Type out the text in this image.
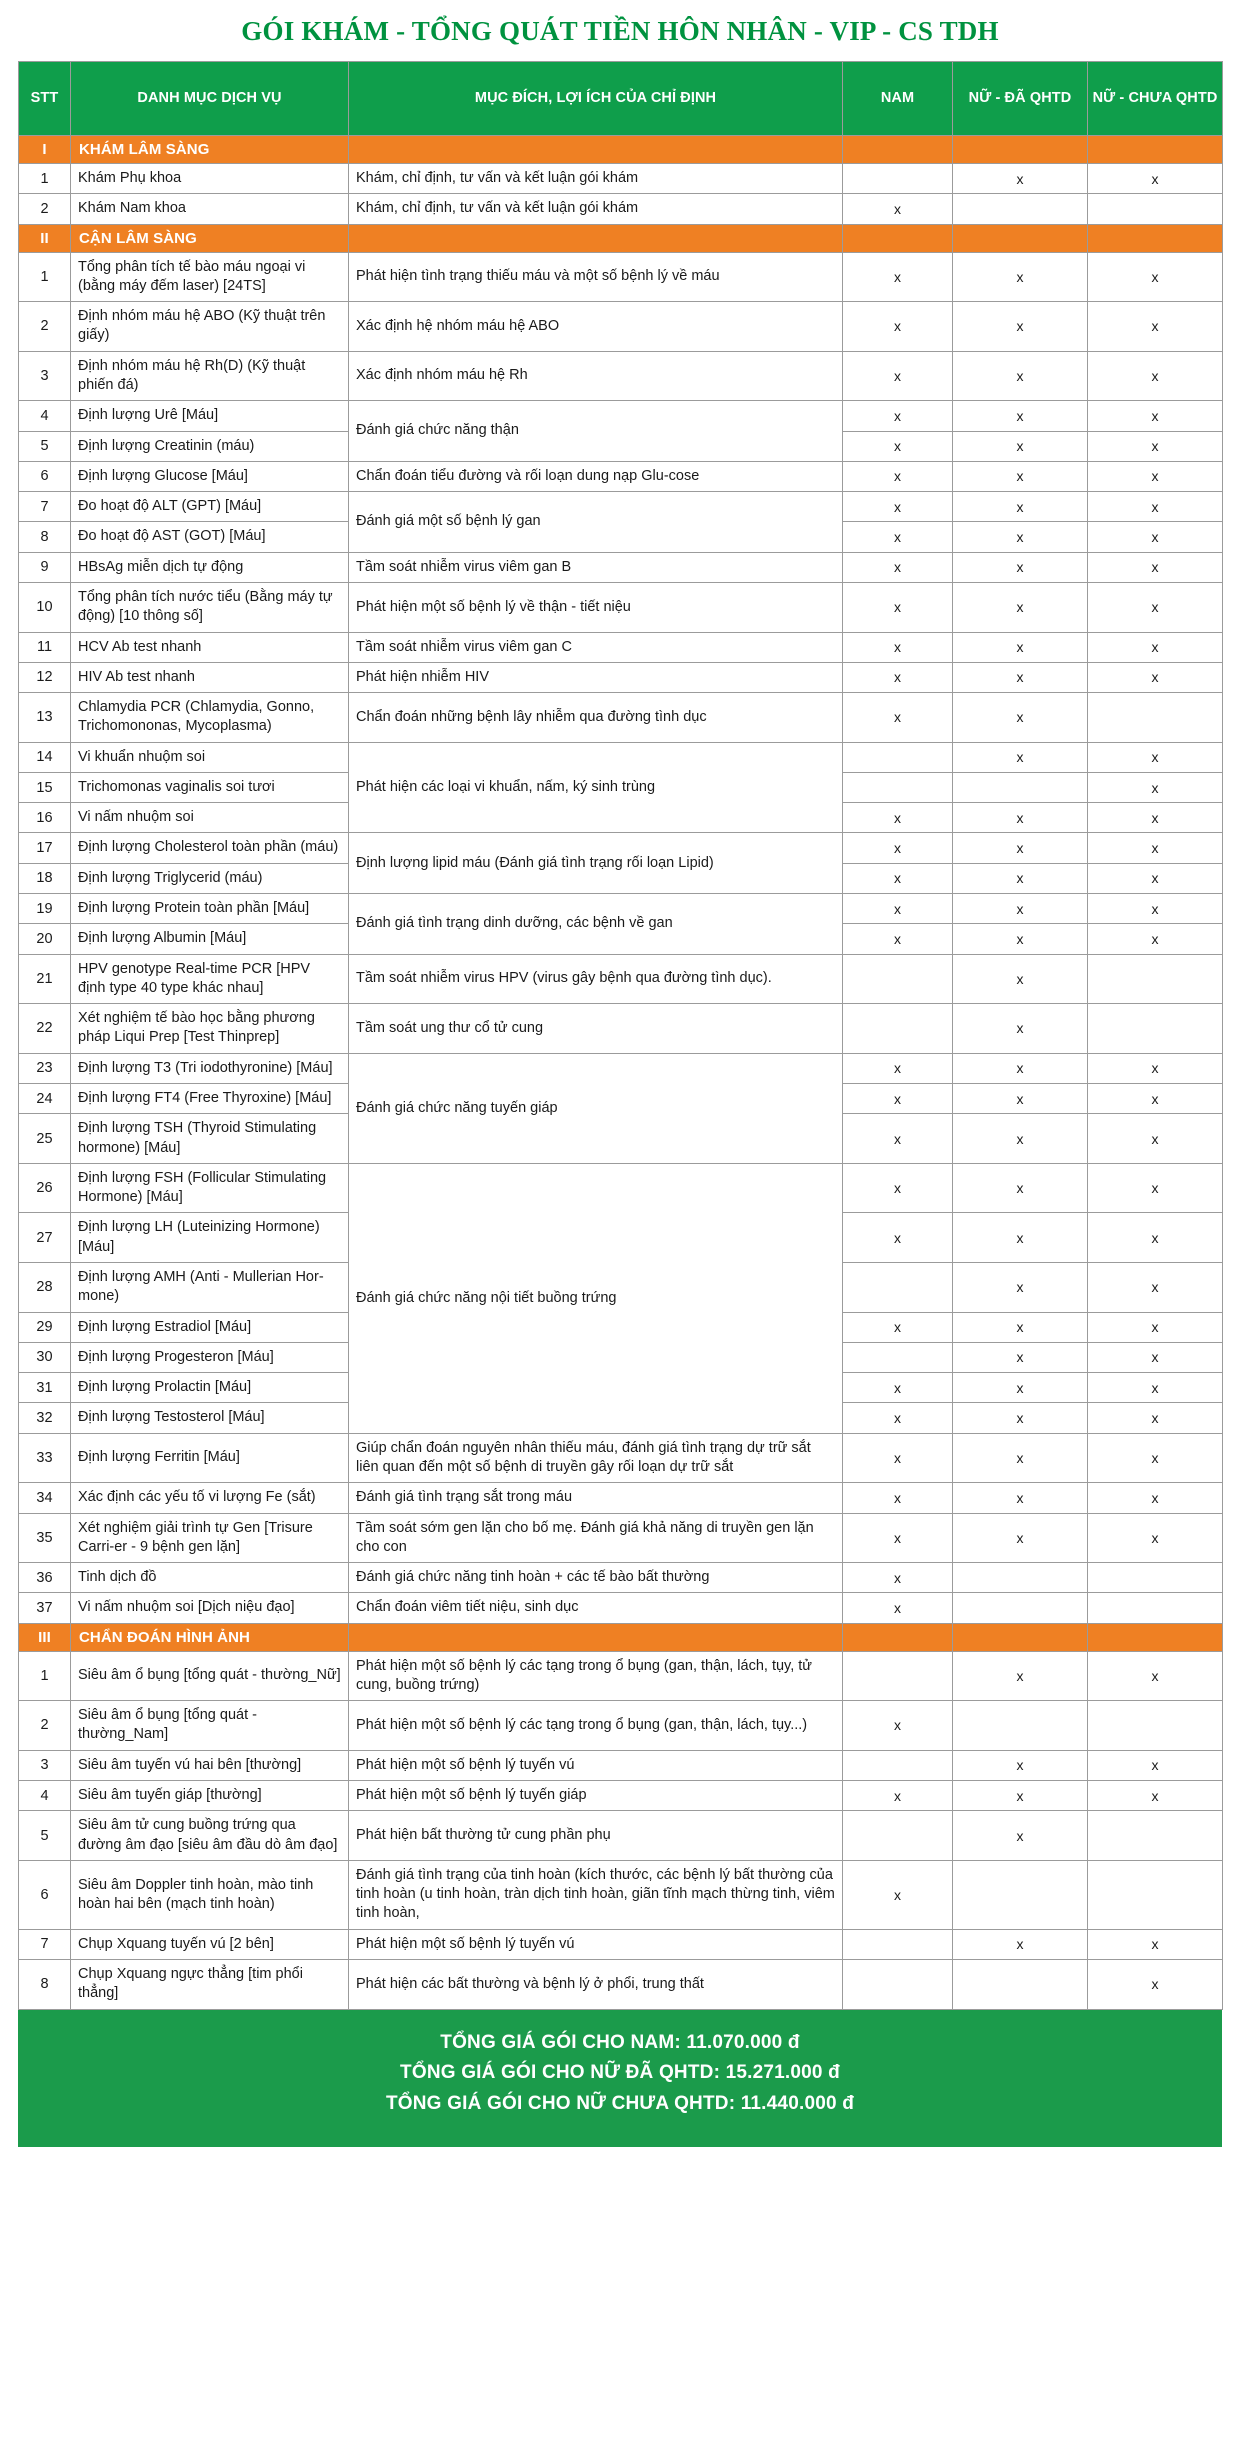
GÓI KHÁM - TỔNG QUÁT TIỀN HÔN NHÂN - VIP - CS TDH
STT	DANH MỤC DỊCH VỤ	MỤC ĐÍCH, LỢI ÍCH CỦA CHỈ ĐỊNH	NAM	NỮ - ĐÃ QHTD	NỮ - CHƯA QHTD
I	KHÁM LÂM SÀNG				
1	Khám Phụ khoa	Khám, chỉ định, tư vấn và kết luận gói khám		x	x
2	Khám Nam khoa	Khám, chỉ định, tư vấn và kết luận gói khám	x		
II	CẬN LÂM SÀNG				
1	Tổng phân tích tế bào máu ngoại vi (bằng máy đếm laser) [24TS]	Phát hiện tình trạng thiếu máu và một số bệnh lý về máu	x	x	x
2	Định nhóm máu hệ ABO (Kỹ thuật trên giấy)	Xác định hệ nhóm máu hệ ABO	x	x	x
3	Định nhóm máu hệ Rh(D) (Kỹ thuật phiến đá)	Xác định nhóm máu hệ Rh	x	x	x
4	Định lượng Urê [Máu]	Đánh giá chức năng thận	x	x	x
5	Định lượng Creatinin (máu)		x	x	x
6	Định lượng Glucose [Máu]	Chẩn đoán tiểu đường và rối loạn dung nạp Glu-cose	x	x	x
7	Đo hoạt độ ALT (GPT) [Máu]	Đánh giá một số bệnh lý gan	x	x	x
8	Đo hoạt độ AST (GOT) [Máu]		x	x	x
9	HBsAg miễn dịch tự động	Tầm soát nhiễm virus viêm gan B	x	x	x
10	Tổng phân tích nước tiểu (Bằng máy tự động) [10 thông số]	Phát hiện một số bệnh lý về thận - tiết niệu	x	x	x
11	HCV Ab test nhanh	Tầm soát nhiễm virus viêm gan C	x	x	x
12	HIV Ab test nhanh	Phát hiện nhiễm HIV	x	x	x
13	Chlamydia PCR (Chlamydia, Gonno, Trichomononas, Mycoplasma)	Chẩn đoán những bệnh lây nhiễm qua đường tình dục	x	x	
14	Vi khuẩn nhuộm soi	Phát hiện các loại vi khuẩn, nấm, ký sinh trùng		x	x
15	Trichomonas vaginalis soi tươi				x
16	Vi nấm nhuộm soi		x	x	x
17	Định lượng Cholesterol toàn phần (máu)	Định lượng lipid máu (Đánh giá tình trạng rối loạn Lipid)	x	x	x
18	Định lượng Triglycerid (máu)		x	x	x
19	Định lượng Protein toàn phần [Máu]	Đánh giá tình trạng dinh dưỡng, các bệnh về gan	x	x	x
20	Định lượng Albumin [Máu]		x	x	x
21	HPV genotype Real-time PCR [HPV định type 40 type khác nhau]	Tầm soát nhiễm virus HPV (virus gây bệnh qua đường tình dục).		x	
22	Xét nghiệm tế bào học bằng phương pháp Liqui Prep [Test Thinprep]	Tầm soát ung thư cổ tử cung		x	
23	Định lượng T3 (Tri iodothyronine) [Máu]	Đánh giá chức năng tuyến giáp	x	x	x
24	Định lượng FT4 (Free Thyroxine) [Máu]		x	x	x
25	Định lượng TSH (Thyroid Stimulating hormone) [Máu]		x	x	x
26	Định lượng FSH (Follicular Stimulating Hormone) [Máu]	Đánh giá chức năng nội tiết buồng trứng	x	x	x
27	Định lượng LH (Luteinizing Hormone) [Máu]		x	x	x
28	Định lượng AMH (Anti - Mullerian Hor-mone)			x	x
29	Định lượng Estradiol [Máu]		x	x	x
30	Định lượng Progesteron [Máu]			x	x
31	Định lượng Prolactin [Máu]		x	x	x
32	Định lượng Testosterol [Máu]		x	x	x
33	Định lượng Ferritin [Máu]	Giúp chẩn đoán nguyên nhân thiếu máu, đánh giá tình trạng dự trữ sắt liên quan đến một số bệnh di truyền gây rối loạn dự trữ sắt	x	x	x
34	Xác định các yếu tố vi lượng Fe (sắt)	Đánh giá tình trạng sắt trong máu	x	x	x
35	Xét nghiệm giải trình tự Gen [Trisure Carri-er - 9 bệnh gen lặn]	Tầm soát sớm gen lặn cho bố mẹ. Đánh giá khả năng di truyền gen lặn cho con	x	x	x
36	Tinh dịch đồ	Đánh giá chức năng tinh hoàn + các tế bào bất thường	x		
37	Vi nấm nhuộm soi [Dịch niệu đạo]	Chẩn đoán viêm tiết niệu, sinh dục	x		
III	CHẨN ĐOÁN HÌNH ẢNH				
1	Siêu âm ổ bụng [tổng quát - thường_Nữ]	Phát hiện một số bệnh lý các tạng trong ổ bụng (gan, thận, lách, tụy, tử cung, buồng trứng)		x	x
2	Siêu âm ổ bụng [tổng quát - thường_Nam]	Phát hiện một số bệnh lý các tạng trong ổ bụng (gan, thận, lách, tụy...)	x		
3	Siêu âm tuyến vú hai bên [thường]	Phát hiện một số bệnh lý tuyến vú		x	x
4	Siêu âm tuyến giáp [thường]	Phát hiện một số bệnh lý tuyến giáp	x	x	x
5	Siêu âm tử cung buồng trứng qua đường âm đạo [siêu âm đầu dò âm đạo]	Phát hiện bất thường tử cung phần phụ		x	
6	Siêu âm Doppler tinh hoàn, mào tinh hoàn hai bên (mạch tinh hoàn)	Đánh giá tình trạng của tinh hoàn (kích thước, các bệnh lý bất thường của tinh hoàn (u tinh hoàn, tràn dịch tinh hoàn, giãn tĩnh mạch thừng tinh, viêm tinh hoàn,	x		
7	Chụp Xquang tuyến vú [2 bên]	Phát hiện một số bệnh lý tuyến vú		x	x
8	Chụp Xquang ngực thẳng [tim phổi thẳng]	Phát hiện các bất thường và bệnh lý ở phổi, trung thất			x
TỔNG GIÁ GÓI CHO NAM: 11.070.000 đ
TỔNG GIÁ GÓI CHO NỮ ĐÃ QHTD: 15.271.000 đ
TỔNG GIÁ GÓI CHO NỮ CHƯA QHTD: 11.440.000 đ
